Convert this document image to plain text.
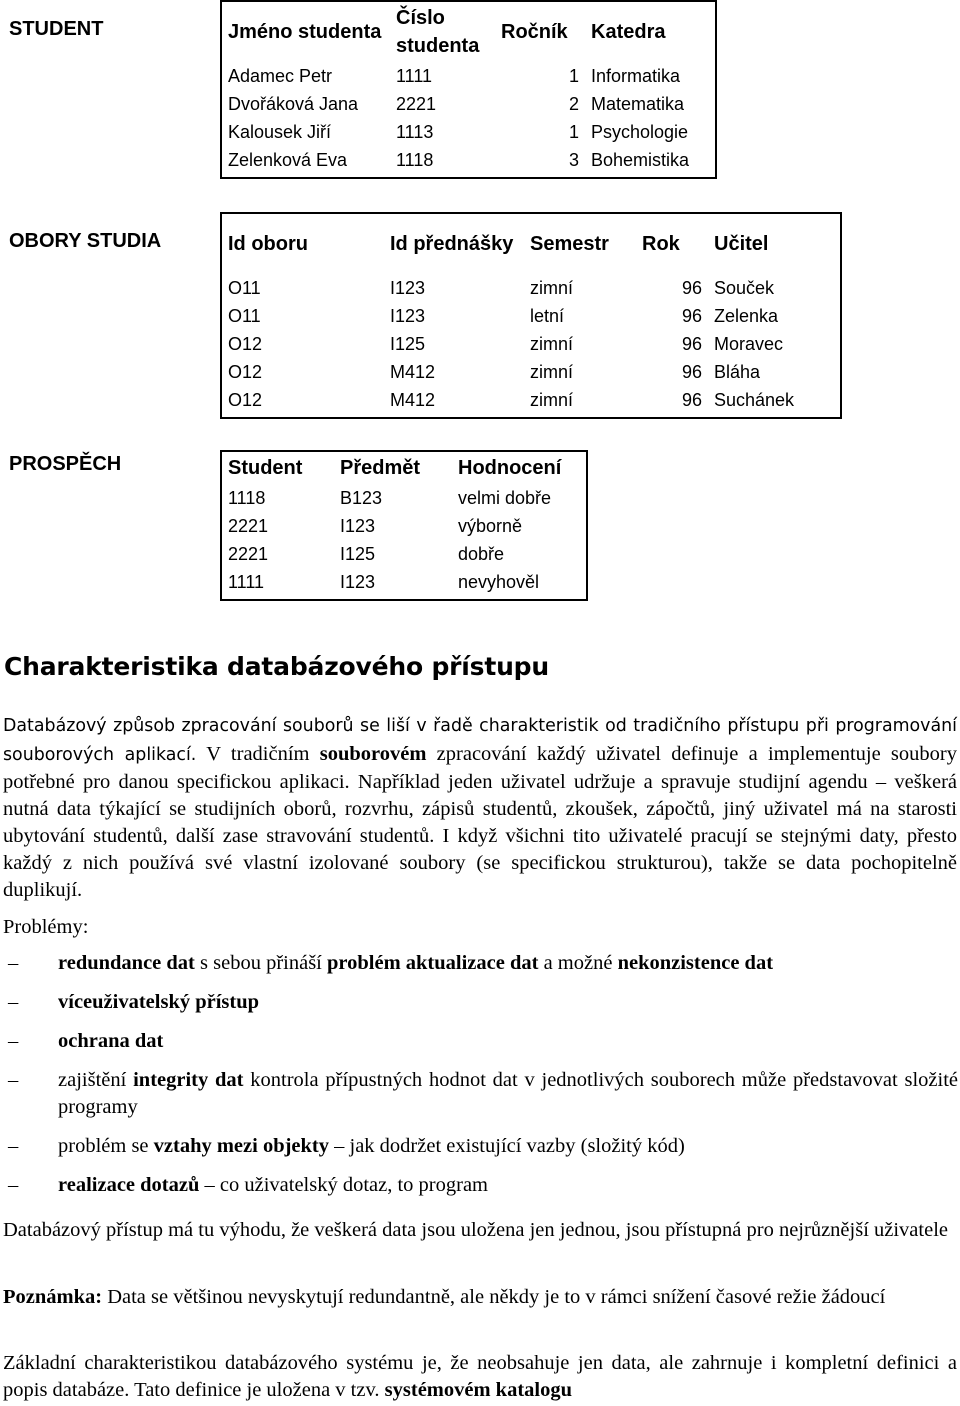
STUDENT	Jméno studenta	Číslo studenta	Ročník	Katedra
Adamec Petr	1111	1	Informatika
Dvořáková Jana	2221	2	Matematika
Kalousek Jiří	1113	1	Psychologie
Zelenková Eva	1118	3	Bohemistika
OBORY STUDIA	Id oboru	Id přednášky	Semestr	Rok	Učitel
O11	I123	zimní	96	Souček
O11	I123	letní	96	Zelenka
O12	I125	zimní	96	Moravec
O12	M412	zimní	96	Bláha
O12	M412	zimní	96	Suchánek
PROSPĚCH	Student	Předmět	Hodnocení
1118	B123	velmi dobře
2221	I123	výborně
2221	I125	dobře
1111	I123	nevyhověl
Charakteristika databázového přístupu

Databázový způsob zpracování souborů se liší v řadě charakteristik od tradičního přístupu při programování souborových aplikací. V tradičním souborovém zpracování každý uživatel definuje a implementuje soubory potřebné pro danou specifickou aplikaci. Například jeden uživatel udržuje a spravuje studijní agendu – veškerá nutná data týkající se studijních oborů, rozvrhu, zápisů studentů, zkoušek, zápočtů, jiný uživatel má na starosti ubytování studentů, další zase stravování studentů. I když všichni tito uživatelé pracují se stejnými daty, přesto každý z nich používá své vlastní izolované soubory (se specifickou strukturou), takže se data pochopitelně duplikují.

Problémy:

– redundance dat s sebou přináší problém aktualizace dat a možné nekonzistence dat
– víceuživatelský přístup
– ochrana dat
– zajištění integrity dat kontrola přípustných hodnot dat v jednotlivých souborech může představovat složité programy
– problém se vztahy mezi objekty – jak dodržet existující vazby (složitý kód)
– realizace dotazů – co uživatelský dotaz, to program

Databázový přístup má tu výhodu, že veškerá data jsou uložena jen jednou, jsou přístupná pro nejrůznější uživatele

Poznámka: Data se většinou nevyskytují redundantně, ale někdy je to v rámci snížení časové režie žádoucí

Základní charakteristikou databázového systému je, že neobsahuje jen data, ale zahrnuje i kompletní definici a popis databáze. Tato definice je uložena v tzv. systémovém katalogu
